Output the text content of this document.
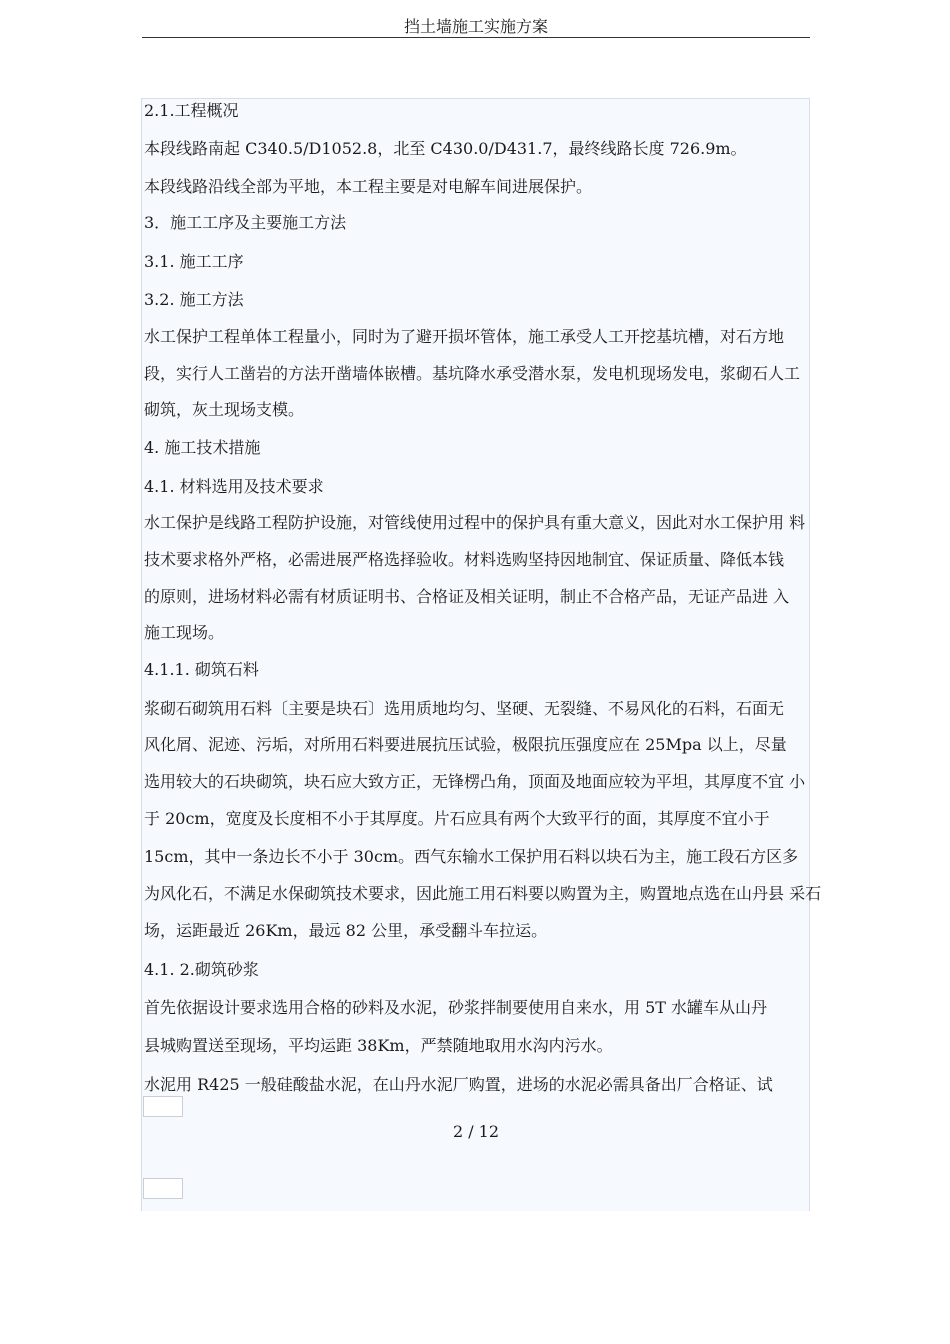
挡土墙施工实施方案
2.1.工程概况
本段线路南起 C340.5/D1052.8，北至 C430.0/D431.7，最终线路长度 726.9m。
本段线路沿线全部为平地，本工程主要是对电解车间进展保护。
3．施工工序及主要施工方法
3.1. 施工工序
3.2. 施工方法
水工保护工程单体工程量小，同时为了避开损坏管体，施工承受人工开挖基坑槽，对石方地
段，实行人工凿岩的方法开凿墙体嵌槽。基坑降水承受潜水泵，发电机现场发电，浆砌石人工
砌筑，灰土现场支模。
4. 施工技术措施
4.1. 材料选用及技术要求
水工保护是线路工程防护设施，对管线使用过程中的保护具有重大意义，因此对水工保护用 料
技术要求格外严格，必需进展严格选择验收。材料选购坚持因地制宜、保证质量、降低本钱
的原则，进场材料必需有材质证明书、合格证及相关证明，制止不合格产品，无证产品进 入
施工现场。
4.1.1. 砌筑石料
浆砌石砌筑用石料〔主要是块石〕选用质地均匀、坚硬、无裂缝、不易风化的石料，石面无
风化屑、泥迹、污垢，对所用石料要进展抗压试验，极限抗压强度应在 25Mpa 以上，尽量
选用较大的石块砌筑，块石应大致方正，无锋楞凸角，顶面及地面应较为平坦，其厚度不宜 小
于 20cm，宽度及长度相不小于其厚度。片石应具有两个大致平行的面，其厚度不宜小于
15cm，其中一条边长不小于 30cm。西气东输水工保护用石料以块石为主，施工段石方区多
为风化石，不满足水保砌筑技术要求，因此施工用石料要以购置为主，购置地点选在山丹县 采石
场，运距最近 26Km，最远 82 公里，承受翻斗车拉运。
4.1. 2.砌筑砂浆
首先依据设计要求选用合格的砂料及水泥，砂浆拌制要使用自来水，用 5T 水罐车从山丹
县城购置送至现场，平均运距 38Km，严禁随地取用水沟内污水。
水泥用 R425 一般硅酸盐水泥，在山丹水泥厂购置，进场的水泥必需具备出厂合格证、试
2 / 12
